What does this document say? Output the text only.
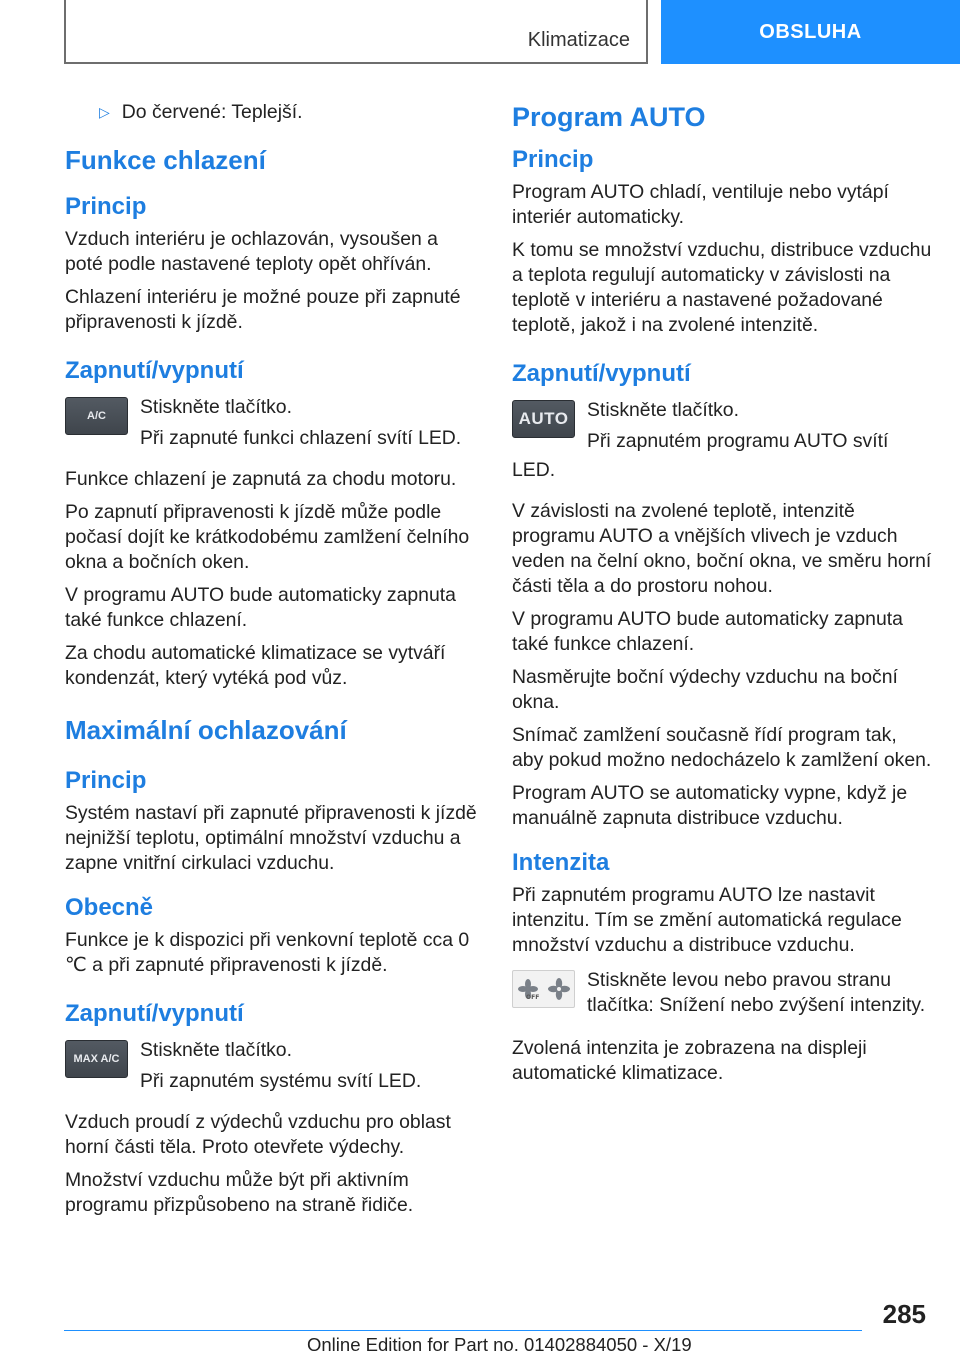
Klimatizace	OBSLUHA
▷ Do červené: Teplejší.
Funkce chlazení
Princip

Vzduch interiéru je ochlazován, vysoušen a poté podle nastavené teploty opět ohříván.

Chlazení interiéru je možné pouze při zapnuté připravenosti k jízdě.

Zapnutí/vypnutí
A/C	Stiskněte tlačítko.

Při zapnuté funkci chlazení svítí LED.

Funkce chlazení je zapnutá za chodu motoru.

Po zapnutí připravenosti k jízdě může podle počasí dojít ke krátkodobému zamlžení čelního okna a bočních oken.

V programu AUTO bude automaticky zapnuta také funkce chlazení.

Za chodu automatické klimatizace se vytváří kondenzát, který vytéká pod vůz.

Maximální ochlazování
Princip

Systém nastaví při zapnuté připravenosti k jízdě nejnižší teplotu, optimální množství vzduchu a zapne vnitřní cirkulaci vzduchu.

Obecně

Funkce je k dispozici při venkovní teplotě cca 0 ℃ a při zapnuté připravenosti k jízdě.

Zapnutí/vypnutí
MAX A/C	Stiskněte tlačítko.

Při zapnutém systému svítí LED.

Vzduch proudí z výdechů vzduchu pro oblast horní části těla. Proto otevřete výdechy.

Množství vzduchu může být při aktivním programu přizpůsobeno na straně řidiče.

Program AUTO
Princip

Program AUTO chladí, ventiluje nebo vytápí interiér automaticky.

K tomu se množství vzduchu, distribuce vzduchu a teplota regulují automaticky v závislosti na teplotě v interiéru a nastavené požadované teplotě, jakož i na zvolené intenzitě.

Zapnutí/vypnutí
AUTO Stiskněte tlačítko.

Při zapnutém programu AUTO svítí

LED.

V závislosti na zvolené teplotě, intenzitě programu AUTO a vnějších vlivech je vzduch veden na čelní okno, boční okna, ve směru horní části těla a do prostoru nohou.

V programu AUTO bude automaticky zapnuta také funkce chlazení.

Nasměrujte boční výdechy vzduchu na boční okna.

Snímač zamlžení současně řídí program tak, aby pokud možno nedocházelo k zamlžení oken.

Program AUTO se automaticky vypne, když je manuálně zapnuta distribuce vzduchu.

Intenzita

Při zapnutém programu AUTO lze nastavit intenzitu. Tím se změní automatická regulace množství vzduchu a distribuce vzduchu.

OFF

Stiskněte levou nebo pravou stranu tlačítka: Snížení nebo zvýšení intenzity.

Zvolená intenzita je zobrazena na displeji automatické klimatizace.

285
Online Edition for Part no. 01402884050 - X/19
